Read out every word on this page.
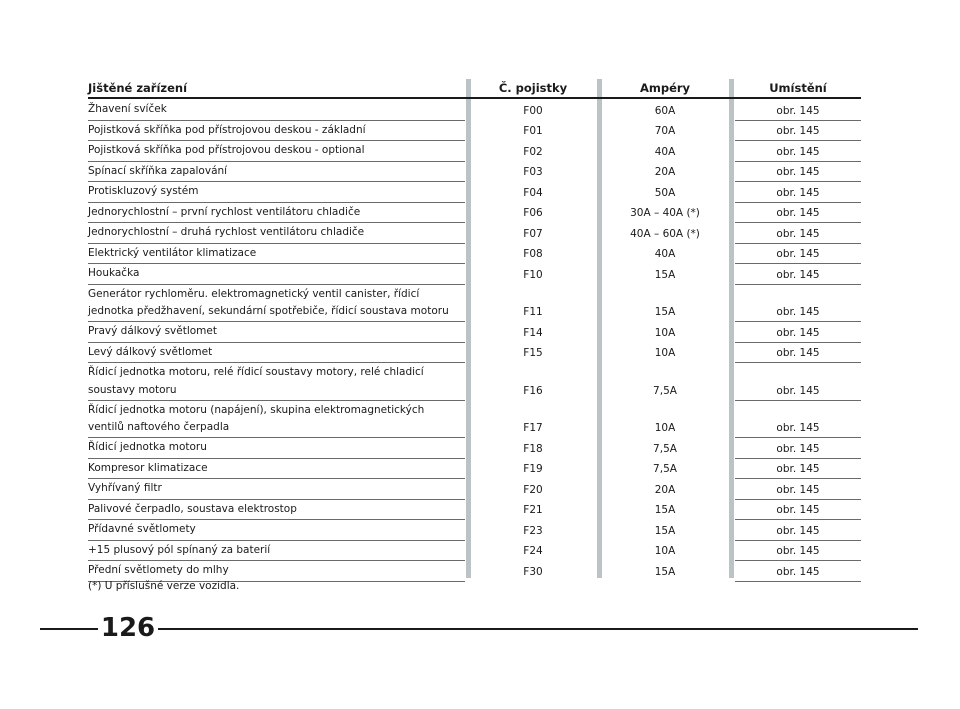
Jištěné zařízení	Č. pojistky	Ampéry	Umístění
Žhavení svíček	F00	60A	obr. 145
Pojistková skříňka pod přístrojovou deskou - základní	F01	70A	obr. 145
Pojistková skříňka pod přístrojovou deskou - optional	F02	40A	obr. 145
Spínací skříňka zapalování	F03	20A	obr. 145
Protiskluzový systém	F04	50A	obr. 145
Jednorychlostní – první rychlost ventilátoru chladiče	F06	30A – 40A (*)	obr. 145
Jednorychlostní – druhá rychlost ventilátoru chladiče	F07	40A – 60A (*)	obr. 145
Elektrický ventilátor klimatizace	F08	40A	obr. 145
Houkačka	F10	15A	obr. 145
Generátor rychloměru. elektromagnetický ventil canister, řídicí jednotka předžhavení, sekundární spotřebiče, řídicí soustava motoru	F11	15A	obr. 145
Pravý dálkový světlomet	F14	10A	obr. 145
Levý dálkový světlomet	F15	10A	obr. 145
Řídicí jednotka motoru, relé řídicí soustavy motory, relé chladicí soustavy motoru	F16	7,5A	obr. 145
Řídicí jednotka motoru (napájení), skupina elektromagnetických ventilů naftového čerpadla	F17	10A	obr. 145
Řídicí jednotka motoru	F18	7,5A	obr. 145
Kompresor klimatizace	F19	7,5A	obr. 145
Vyhřívaný filtr	F20	20A	obr. 145
Palivové čerpadlo, soustava elektrostop	F21	15A	obr. 145
Přídavné světlomety	F23	15A	obr. 145
+15 plusový pól spínaný za baterií	F24	10A	obr. 145
Přední světlomety do mlhy	F30	15A	obr. 145
(*) U příslušné verze vozidla.
126
